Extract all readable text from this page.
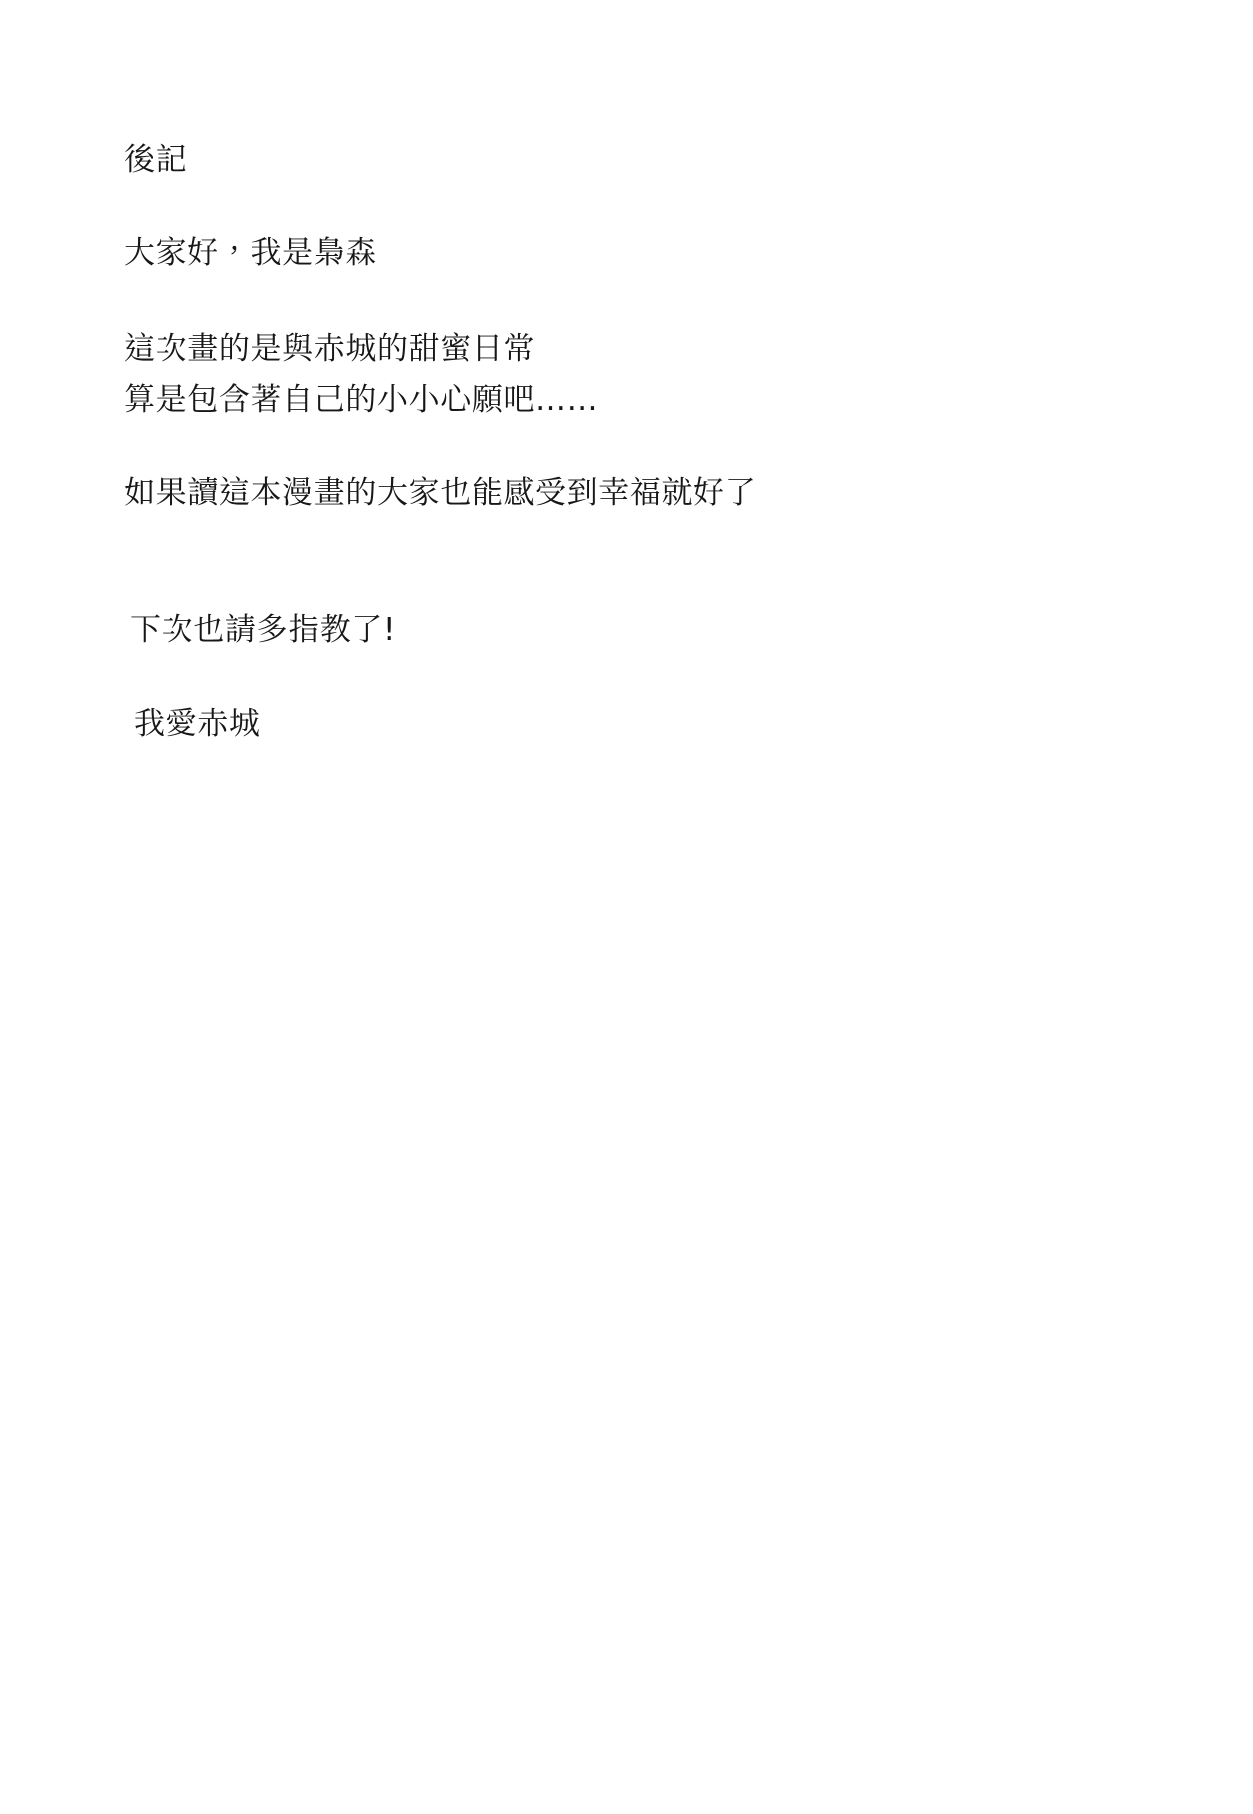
後記
大家好，我是梟森
這次畫的是與赤城的甜蜜日常
算是包含著自己的小小心願吧……
如果讀這本漫畫的大家也能感受到幸福就好了
下次也請多指教了!
我愛赤城
